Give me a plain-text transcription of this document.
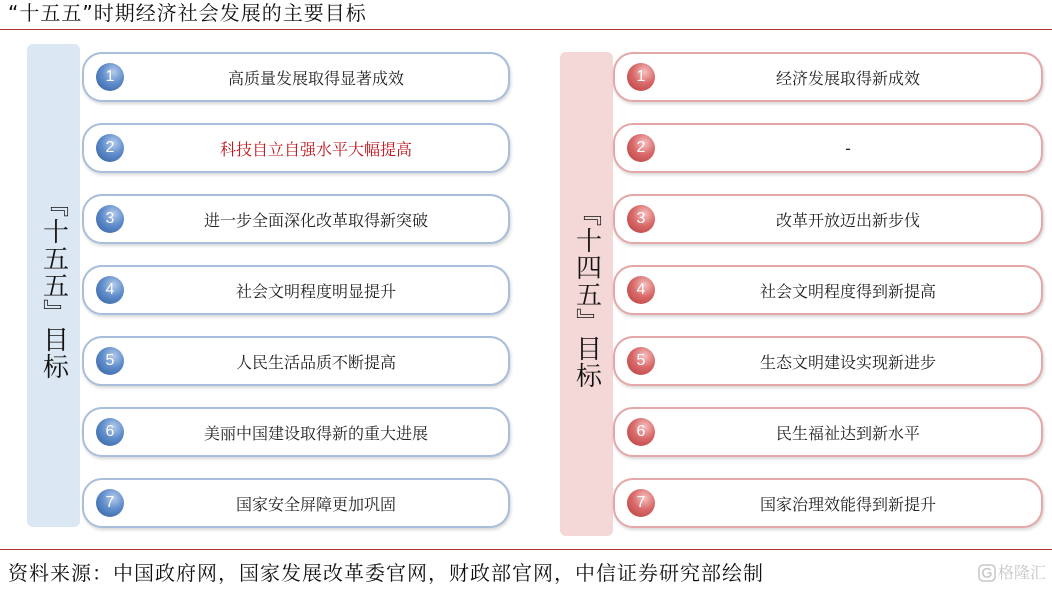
“十五五”时期经济社会发展的主要目标
『十五五』目标
1	高质量发展取得显著成效
2	科技自立自强水平大幅提高
3	进一步全面深化改革取得新突破
4	社会文明程度明显提升
5	人民生活品质不断提高
6	美丽中国建设取得新的重大进展
7	国家安全屏障更加巩固
『十四五』目标
1	经济发展取得新成效
2	-
3	改革开放迈出新步伐
4	社会文明程度得到新提高
5	生态文明建设实现新进步
6	民生福祉达到新水平
7	国家治理效能得到新提升
资料来源：中国政府网，国家发展改革委官网，财政部官网，中信证券研究部绘制	格隆汇
